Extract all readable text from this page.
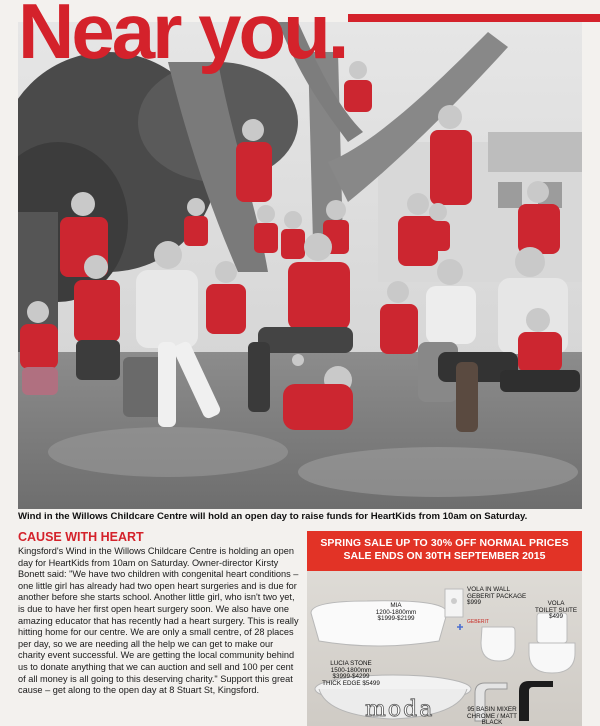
Near you.
Wind in the Willows Childcare Centre will hold an open day to raise funds for HeartKids from 10am on Saturday.
CAUSE WITH HEART
Kingsford's Wind in the Willows Childcare Centre is holding an open day for HeartKids from 10am on Saturday. Owner-director Kirsty Bonett said: "We have two children with congenital heart conditions – one little girl has already had two open heart surgeries and is due for another before she starts school. Another little girl, who isn't two yet, is due to have her first open heart surgery soon. We also have one amazing educator that has recently had a heart surgery. This is really hitting home for our centre. We are only a small centre, of 28 places per day, so we are needing all the help we can get to make our charity event successful. We are getting the local community behind us to donate anything that we can auction and sell and 100 per cent of all money is all going to this deserving charity." Support this great cause – get along to the open day at 8 Stuart St, Kingsford.
SPRING SALE UP TO 30% OFF NORMAL PRICES
SALE ENDS ON 30TH SEPTEMBER 2015
MIA
1200-1800mm
$1999-$2199
VOLA IN WALL
GEBERIT PACKAGE
$999
GEBERIT
VOLA
TOILET SUITE
$499
LUCIA STONE
1500-1800mm
$3999-$4299
THICK EDGE $5499
95 BASIN MIXER
CHROME / MATT
BLACK
moda
